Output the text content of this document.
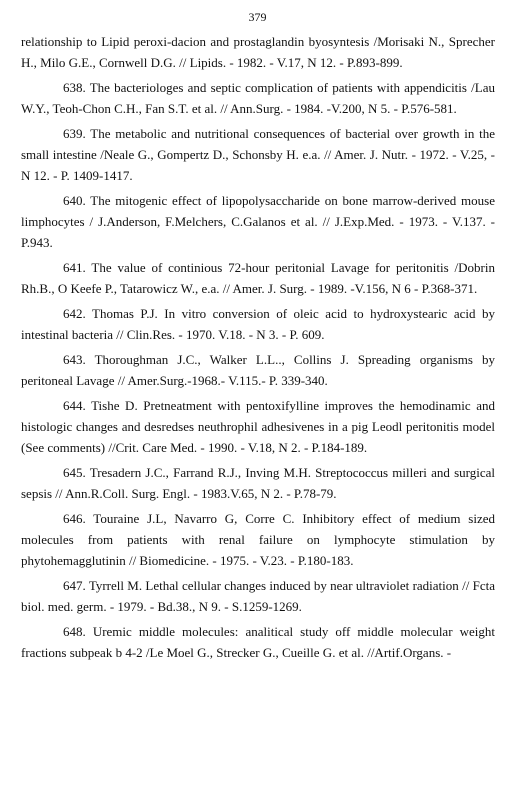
379

relationship to Lipid peroxi-dacion and prostaglandin byosyntesis /Morisaki N., Sprecher H., Milo G.E., Cornwell D.G. // Lipids. - 1982. - V.17, N 12. - P.893-899.

638. The bacteriologes and septic complication of patients with appendicitis /Lau W.Y., Teoh-Chon C.H., Fan S.T. et al. // Ann.Surg. - 1984. -V.200, N 5. - P.576-581.

639. The metabolic and nutritional consequences of bacterial over growth in the small intestine /Neale G., Gompertz D., Schonsby H. e.a. // Amer. J. Nutr. - 1972. - V.25, - N 12. - P. 1409-1417.

640. The mitogenic effect of lipopolysaccharide on bone marrow-derived mouse limphocytes / J.Anderson, F.Melchers, C.Galanos et al. // J.Exp.Med. - 1973. - V.137. - P.943.

641. The value of continious 72-hour peritonial Lavage for peritonitis /Dobrin Rh.B., O Keefe P., Tatarowicz W., e.a. // Amer. J. Surg. - 1989. -V.156, N 6 - P.368-371.

642. Thomas P.J. In vitro conversion of oleic acid to hydroxystearic acid by intestinal bacteria // Clin.Res. - 1970. V.18. - N 3. - P. 609.

643. Thoroughman J.C., Walker L.L.., Collins J. Spreading organisms by peritoneal Lavage // Amer.Surg.-1968.- V.115.- P. 339-340.

644. Tishe D. Pretneatment with pentoxifylline improves the hemodinamic and histologic changes and desredses neuthrophil adhesivenes in a pig Leodl peritonitis model (See comments) //Crit. Care Med. - 1990. - V.18, N 2. - P.184-189.

645. Tresadern J.C., Farrand R.J., Inving M.H. Streptococcus milleri and surgical sepsis // Ann.R.Coll. Surg. Engl. - 1983.V.65, N 2. - P.78-79.

646. Touraine J.L, Navarro G, Corre C. Inhibitory effect of medium sized molecules from patients with renal failure on lymphocyte stimulation by phytohemagglutinin // Biomedicine. - 1975. - V.23. - P.180-183.

647. Tyrrell M. Lethal cellular changes induced by near ultraviolet radiation // Fcta biol. med. germ. - 1979. - Bd.38., N 9. - S.1259-1269.

648. Uremic middle molecules: analitical study off middle molecular weight fractions subpeak b 4-2 /Le Moel G., Strecker G., Cueille G. et al. //Artif.Organs. -
